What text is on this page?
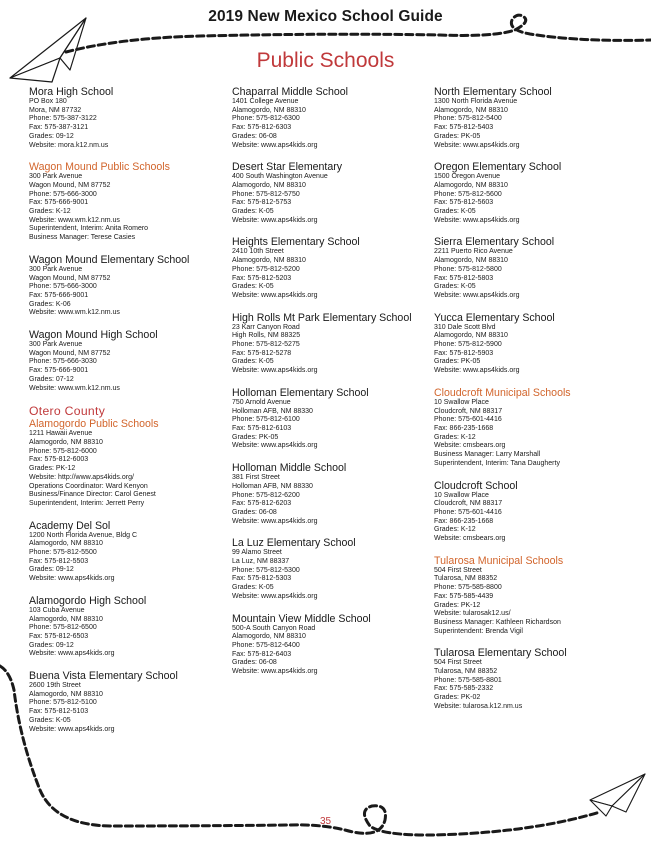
2019 New Mexico School Guide
Public Schools
Mora High School
PO Box 180
Mora, NM 87732
Phone: 575-387-3122
Fax: 575-387-3121
Grades: 09-12
Website: mora.k12.nm.us
Wagon Mound Public Schools
300 Park Avenue
Wagon Mound, NM 87752
Phone: 575-666-3000
Fax: 575-666-9001
Grades: K-12
Website: www.wm.k12.nm.us
Superintendent, Interim: Anita Romero
Business Manager: Terese Casies
Wagon Mound Elementary School
300 Park Avenue
Wagon Mound, NM 87752
Phone: 575-666-3000
Fax: 575-666-9001
Grades: K-06
Website: www.wm.k12.nm.us
Wagon Mound High School
300 Park Avenue
Wagon Mound, NM 87752
Phone: 575-666-3030
Fax: 575-666-9001
Grades: 07-12
Website: www.wm.k12.nm.us
Otero County
Alamogordo Public Schools
1211 Hawaii Avenue
Alamogordo, NM 88310
Phone: 575-812-6000
Fax: 575-812-6003
Grades: PK-12
Website: http://www.aps4kids.org/
Operations Coordinator: Ward Kenyon
Business/Finance Director: Carol Genest
Superintendent, Interim: Jerrett Perry
Academy Del Sol
1200 North Florida Avenue, Bldg C
Alamogordo, NM 88310
Phone: 575-812-5500
Fax: 575-812-5503
Grades: 09-12
Website: www.aps4kids.org
Alamogordo High School
103 Cuba Avenue
Alamogordo, NM 88310
Phone: 575-812-6500
Fax: 575-812-6503
Grades: 09-12
Website: www.aps4kids.org
Buena Vista Elementary School
2600 19th Street
Alamogordo, NM 88310
Phone: 575-812-5100
Fax: 575-812-5103
Grades: K-05
Website: www.aps4kids.org
Chaparral Middle School
1401 College Avenue
Alamogordo, NM 88310
Phone: 575-812-6300
Fax: 575-812-6303
Grades: 06-08
Website: www.aps4kids.org
Desert Star Elementary
400 South Washington Avenue
Alamogordo, NM 88310
Phone: 575-812-5750
Fax: 575-812-5753
Grades: K-05
Website: www.aps4kids.org
Heights Elementary School
2410 10th Street
Alamogordo, NM 88310
Phone: 575-812-5200
Fax: 575-812-5203
Grades: K-05
Website: www.aps4kids.org
High Rolls Mt Park Elementary School
23 Karr Canyon Road
High Rolls, NM 88325
Phone: 575-812-5275
Fax: 575-812-5278
Grades: K-05
Website: www.aps4kids.org
Holloman Elementary School
750 Arnold Avenue
Holloman AFB, NM 88330
Phone: 575-812-6100
Fax: 575-812-6103
Grades: PK-05
Website: www.aps4kids.org
Holloman Middle School
381 First Street
Holloman AFB, NM 88330
Phone: 575-812-6200
Fax: 575-812-6203
Grades: 06-08
Website: www.aps4kids.org
La Luz Elementary School
99 Alamo Street
La Luz, NM 88337
Phone: 575-812-5300
Fax: 575-812-5303
Grades: K-05
Website: www.aps4kids.org
Mountain View Middle School
500-A South Canyon Road
Alamogordo, NM 88310
Phone: 575-812-6400
Fax: 575-812-6403
Grades: 06-08
Website: www.aps4kids.org
North Elementary School
1300 North Florida Avenue
Alamogordo, NM 88310
Phone: 575-812-5400
Fax: 575-812-5403
Grades: PK-05
Website: www.aps4kids.org
Oregon Elementary School
1500 Oregon Avenue
Alamogordo, NM 88310
Phone: 575-812-5600
Fax: 575-812-5603
Grades: K-05
Website: www.aps4kids.org
Sierra Elementary School
2211 Puerto Rico Avenue
Alamogordo, NM 88310
Phone: 575-812-5800
Fax: 575-812-5803
Grades: K-05
Website: www.aps4kids.org
Yucca Elementary School
310 Dale Scott Blvd
Alamogordo, NM 88310
Phone: 575-812-5900
Fax: 575-812-5903
Grades: PK-05
Website: www.aps4kids.org
Cloudcroft Municipal Schools
10 Swallow Place
Cloudcroft, NM 88317
Phone: 575-601-4416
Fax: 866-235-1668
Grades: K-12
Website: cmsbears.org
Business Manager: Larry Marshall
Superintendent, Interim: Tana Daugherty
Cloudcroft School
10 Swallow Place
Cloudcroft, NM 88317
Phone: 575-601-4416
Fax: 866-235-1668
Grades: K-12
Website: cmsbears.org
Tularosa Municipal Schools
504 First Street
Tularosa, NM 88352
Phone: 575-585-8800
Fax: 575-585-4439
Grades: PK-12
Website: tularosak12.us/
Business Manager: Kathleen Richardson
Superintendent: Brenda Vigil
Tularosa Elementary School
504 First Street
Tularosa, NM 88352
Phone: 575-585-8801
Fax: 575-585-2332
Grades: PK-02
Website: tularosa.k12.nm.us
35
